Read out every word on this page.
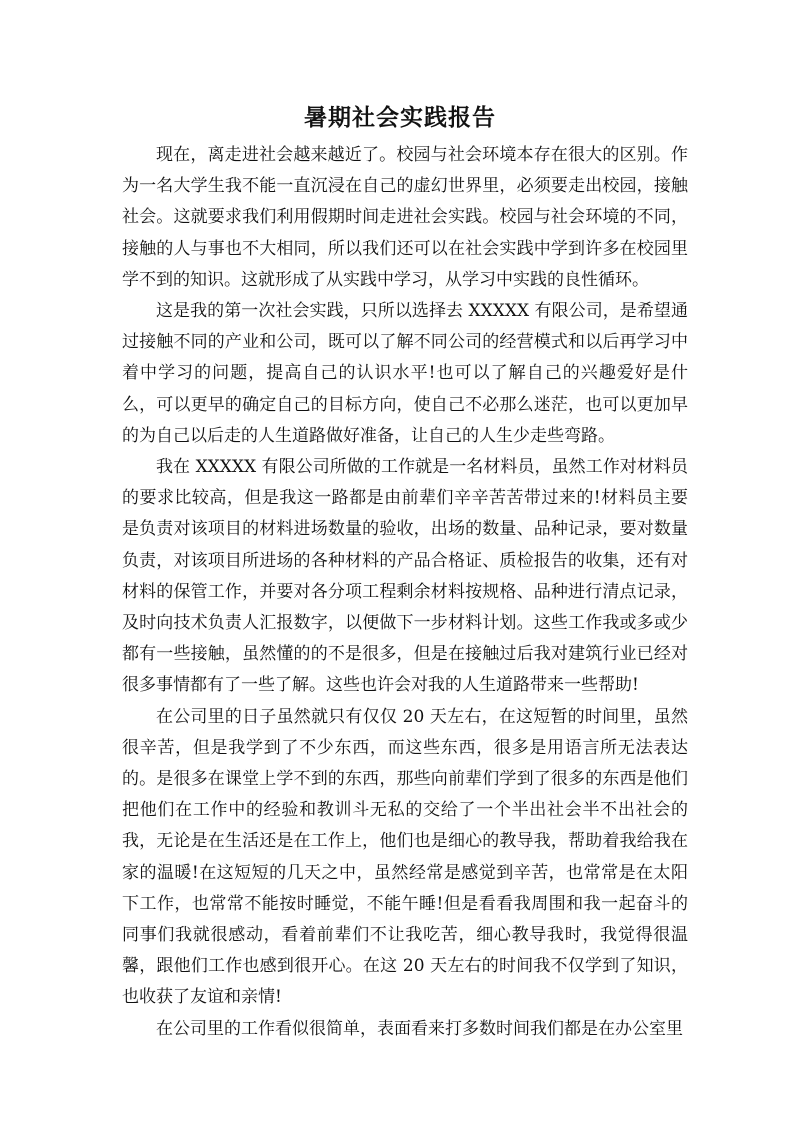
暑期社会实践报告

现在，离走进社会越来越近了。校园与社会环境本存在很大的区别。作为一名大学生我不能一直沉浸在自己的虚幻世界里，必须要走出校园，接触社会。这就要求我们利用假期时间走进社会实践。校园与社会环境的不同，接触的人与事也不大相同，所以我们还可以在社会实践中学到许多在校园里学不到的知识。这就形成了从实践中学习，从学习中实践的良性循环。

这是我的第一次社会实践，只所以选择去 XXXXX 有限公司，是希望通过接触不同的产业和公司，既可以了解不同公司的经营模式和以后再学习中着中学习的问题，提高自己的认识水平!也可以了解自己的兴趣爱好是什么，可以更早的确定自己的目标方向，使自己不必那么迷茫，也可以更加早的为自己以后走的人生道路做好准备，让自己的人生少走些弯路。

我在 XXXXX 有限公司所做的工作就是一名材料员，虽然工作对材料员的要求比较高，但是我这一路都是由前辈们辛辛苦苦带过来的!材料员主要是负责对该项目的材料进场数量的验收，出场的数量、品种记录，要对数量负责，对该项目所进场的各种材料的产品合格证、质检报告的收集，还有对材料的保管工作，并要对各分项工程剩余材料按规格、品种进行清点记录，及时向技术负责人汇报数字，以便做下一步材料计划。这些工作我或多或少都有一些接触，虽然懂的的不是很多，但是在接触过后我对建筑行业已经对很多事情都有了一些了解。这些也许会对我的人生道路带来一些帮助!

在公司里的日子虽然就只有仅仅 20 天左右，在这短暂的时间里，虽然很辛苦，但是我学到了不少东西，而这些东西，很多是用语言所无法表达的。是很多在课堂上学不到的东西，那些向前辈们学到了很多的东西是他们把他们在工作中的经验和教训斗无私的交给了一个半出社会半不出社会的我，无论是在生活还是在工作上，他们也是细心的教导我，帮助着我给我在家的温暖!在这短短的几天之中，虽然经常是感觉到辛苦，也常常是在太阳下工作，也常常不能按时睡觉，不能午睡!但是看看我周围和我一起奋斗的同事们我就很感动，看着前辈们不让我吃苦，细心教导我时，我觉得很温馨，跟他们工作也感到很开心。在这 20 天左右的时间我不仅学到了知识，也收获了友谊和亲情!

在公司里的工作看似很简单，表面看来打多数时间我们都是在办公室里
